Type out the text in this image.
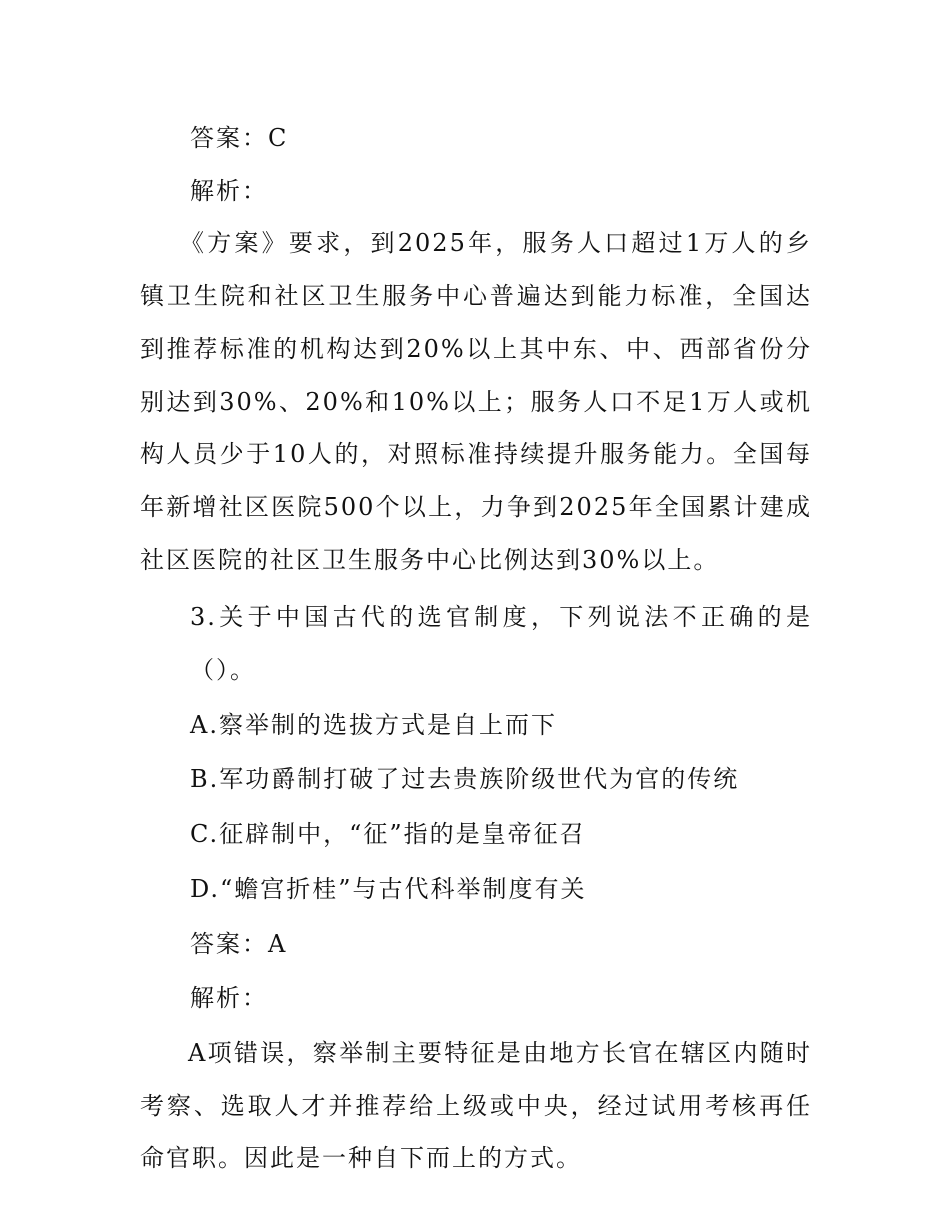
答案：C

解析：

《方案》要求，到2025年，服务人口超过1万人的乡镇卫生院和社区卫生服务中心普遍达到能力标准，全国达到推荐标准的机构达到20%以上其中东、中、西部省份分别达到30%、20%和10%以上；服务人口不足1万人或机构人员少于10人的，对照标准持续提升服务能力。全国每年新增社区医院500个以上，力争到2025年全国累计建成社区医院的社区卫生服务中心比例达到30%以上。

3.关于中国古代的选官制度，下列说法不正确的是（）。

A.察举制的选拔方式是自上而下

B.军功爵制打破了过去贵族阶级世代为官的传统

C.征辟制中，“征”指的是皇帝征召

D.“蟾宫折桂”与古代科举制度有关

答案：A

解析：

A项错误，察举制主要特征是由地方长官在辖区内随时考察、选取人才并推荐给上级或中央，经过试用考核再任命官职。因此是一种自下而上的方式。
